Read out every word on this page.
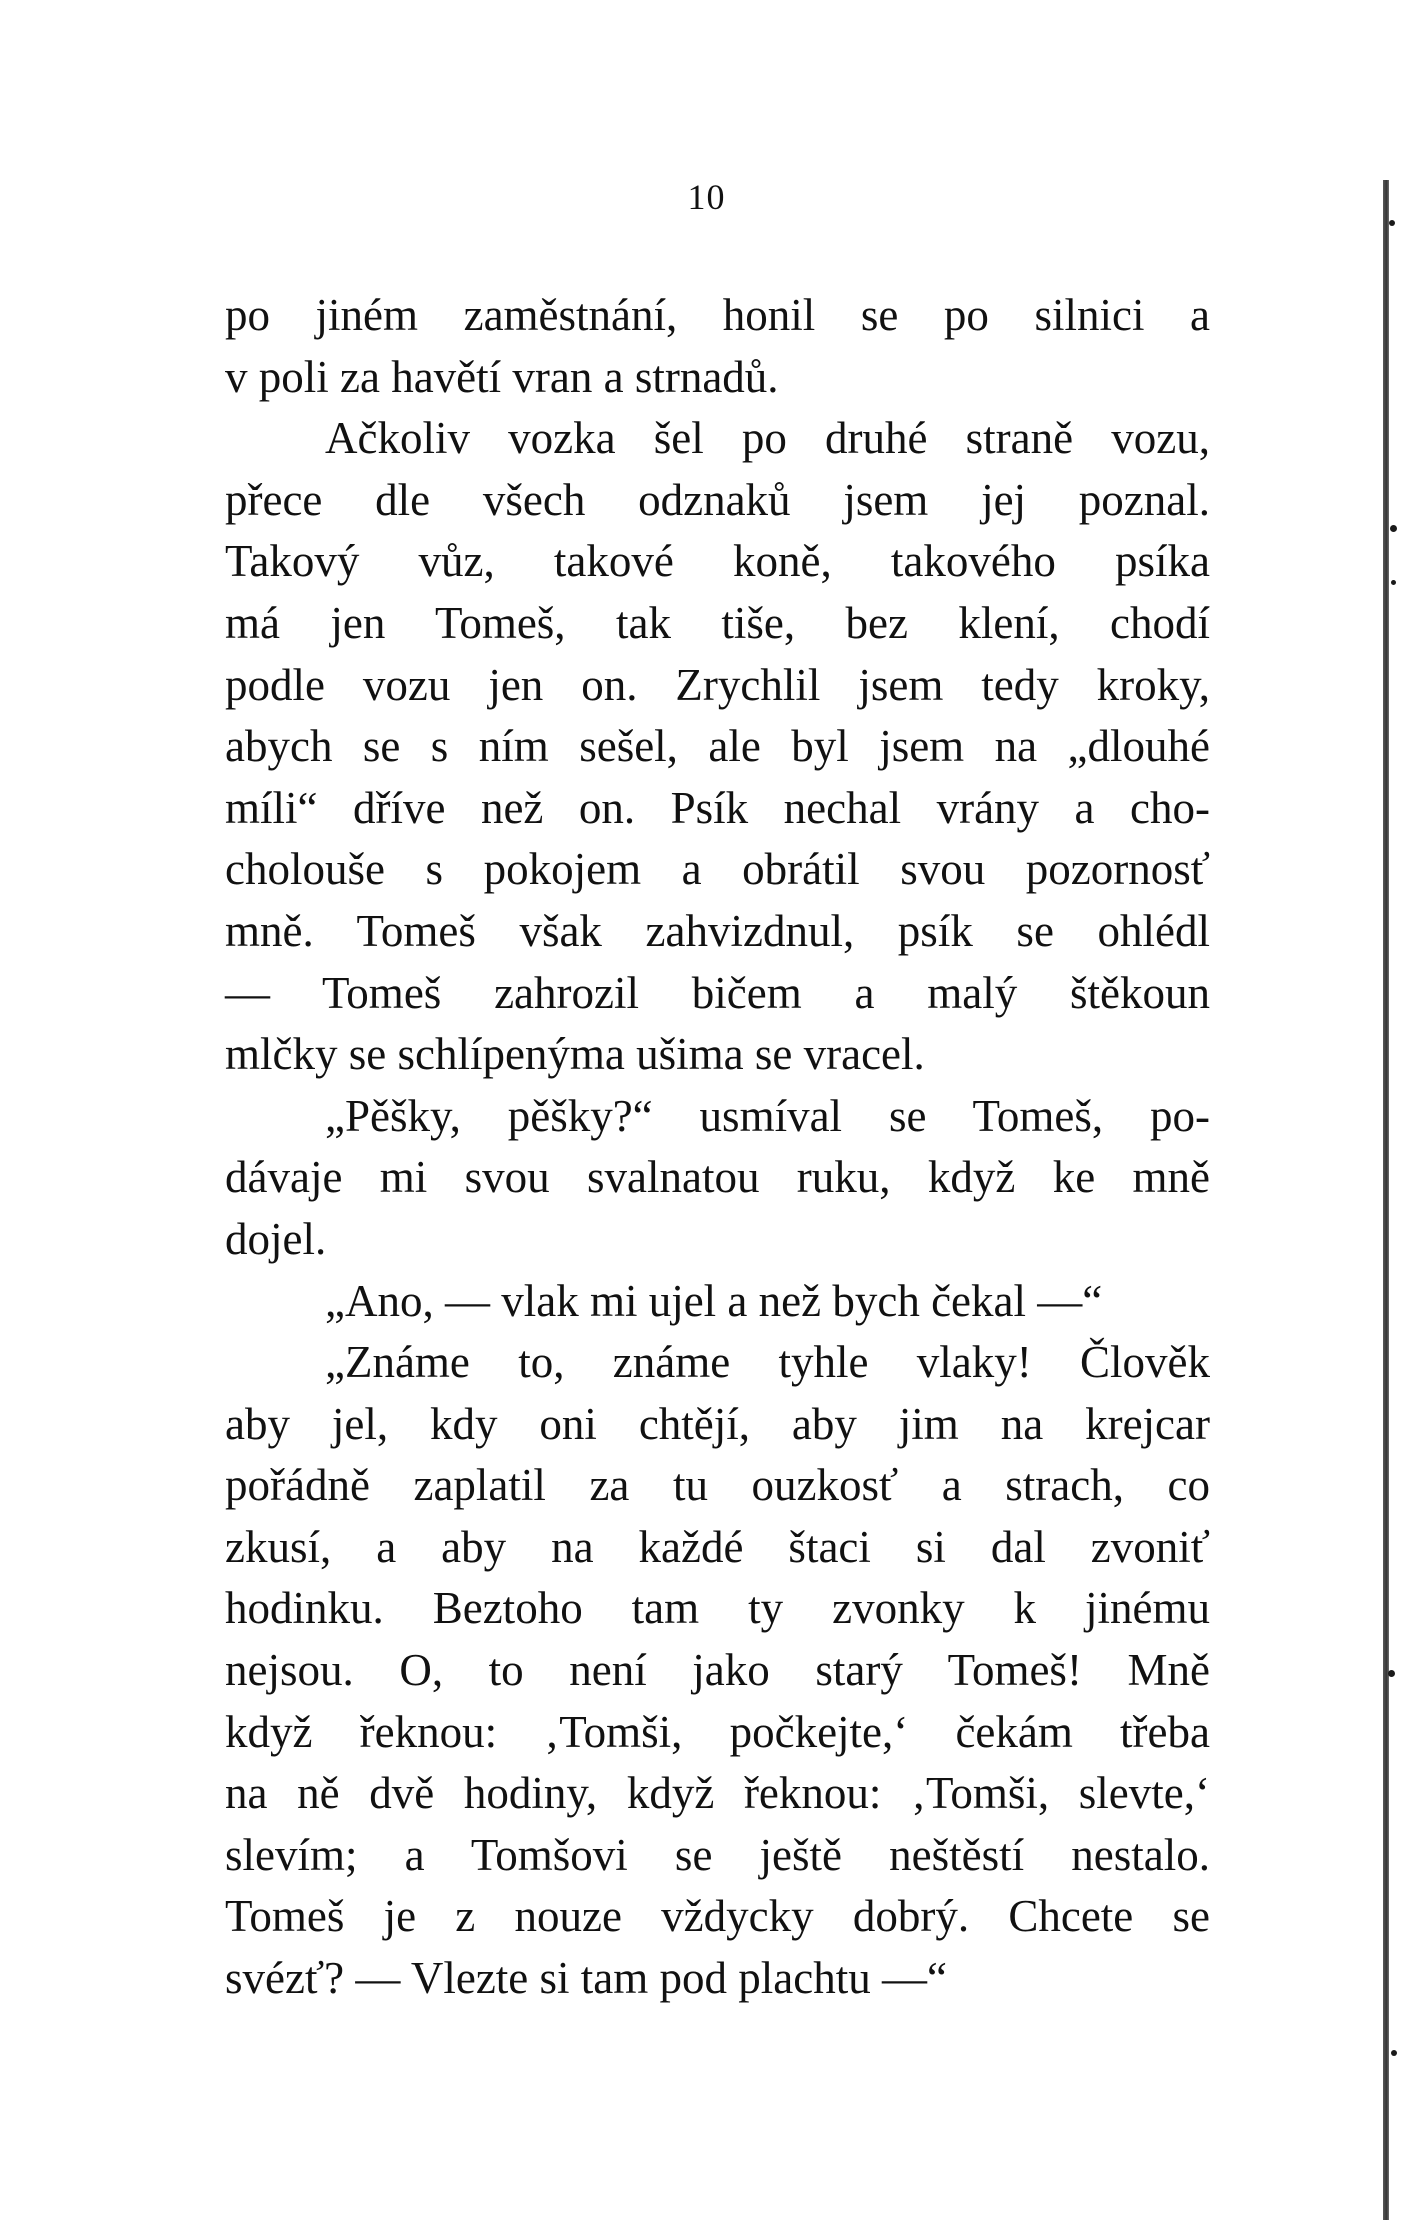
10
po jiném zaměstnání, honil se po silnici a
v poli za havětí vran a strnadů.
Ačkoliv vozka šel po druhé straně vozu,
přece dle všech odznaků jsem jej poznal.
Takový vůz, takové koně, takového psíka
má jen Tomeš, tak tiše, bez klení, chodí
podle vozu jen on. Zrychlil jsem tedy kroky,
abych se s ním sešel, ale byl jsem na „dlouhé
míli“ dříve než on. Psík nechal vrány a cho-
cholouše s pokojem a obrátil svou pozornosť
mně. Tomeš však zahvizdnul, psík se ohlédl
— Tomeš zahrozil bičem a malý štěkoun
mlčky se schlípenýma ušima se vracel.
„Pěšky, pěšky?“ usmíval se Tomeš, po-
dávaje mi svou svalnatou ruku, když ke mně
dojel.
„Ano, — vlak mi ujel a než bych čekal —“
„Známe to, známe tyhle vlaky! Člověk
aby jel, kdy oni chtějí, aby jim na krejcar
pořádně zaplatil za tu ouzkosť a strach, co
zkusí, a aby na každé štaci si dal zvoniť
hodinku. Beztoho tam ty zvonky k jinému
nejsou. O, to není jako starý Tomeš! Mně
když řeknou: ‚Tomši, počkejte,‘ čekám třeba
na ně dvě hodiny, když řeknou: ‚Tomši, slevte,‘
slevím; a Tomšovi se ještě neštěstí nestalo.
Tomeš je z nouze vždycky dobrý. Chcete se
svézť? — Vlezte si tam pod plachtu —“
